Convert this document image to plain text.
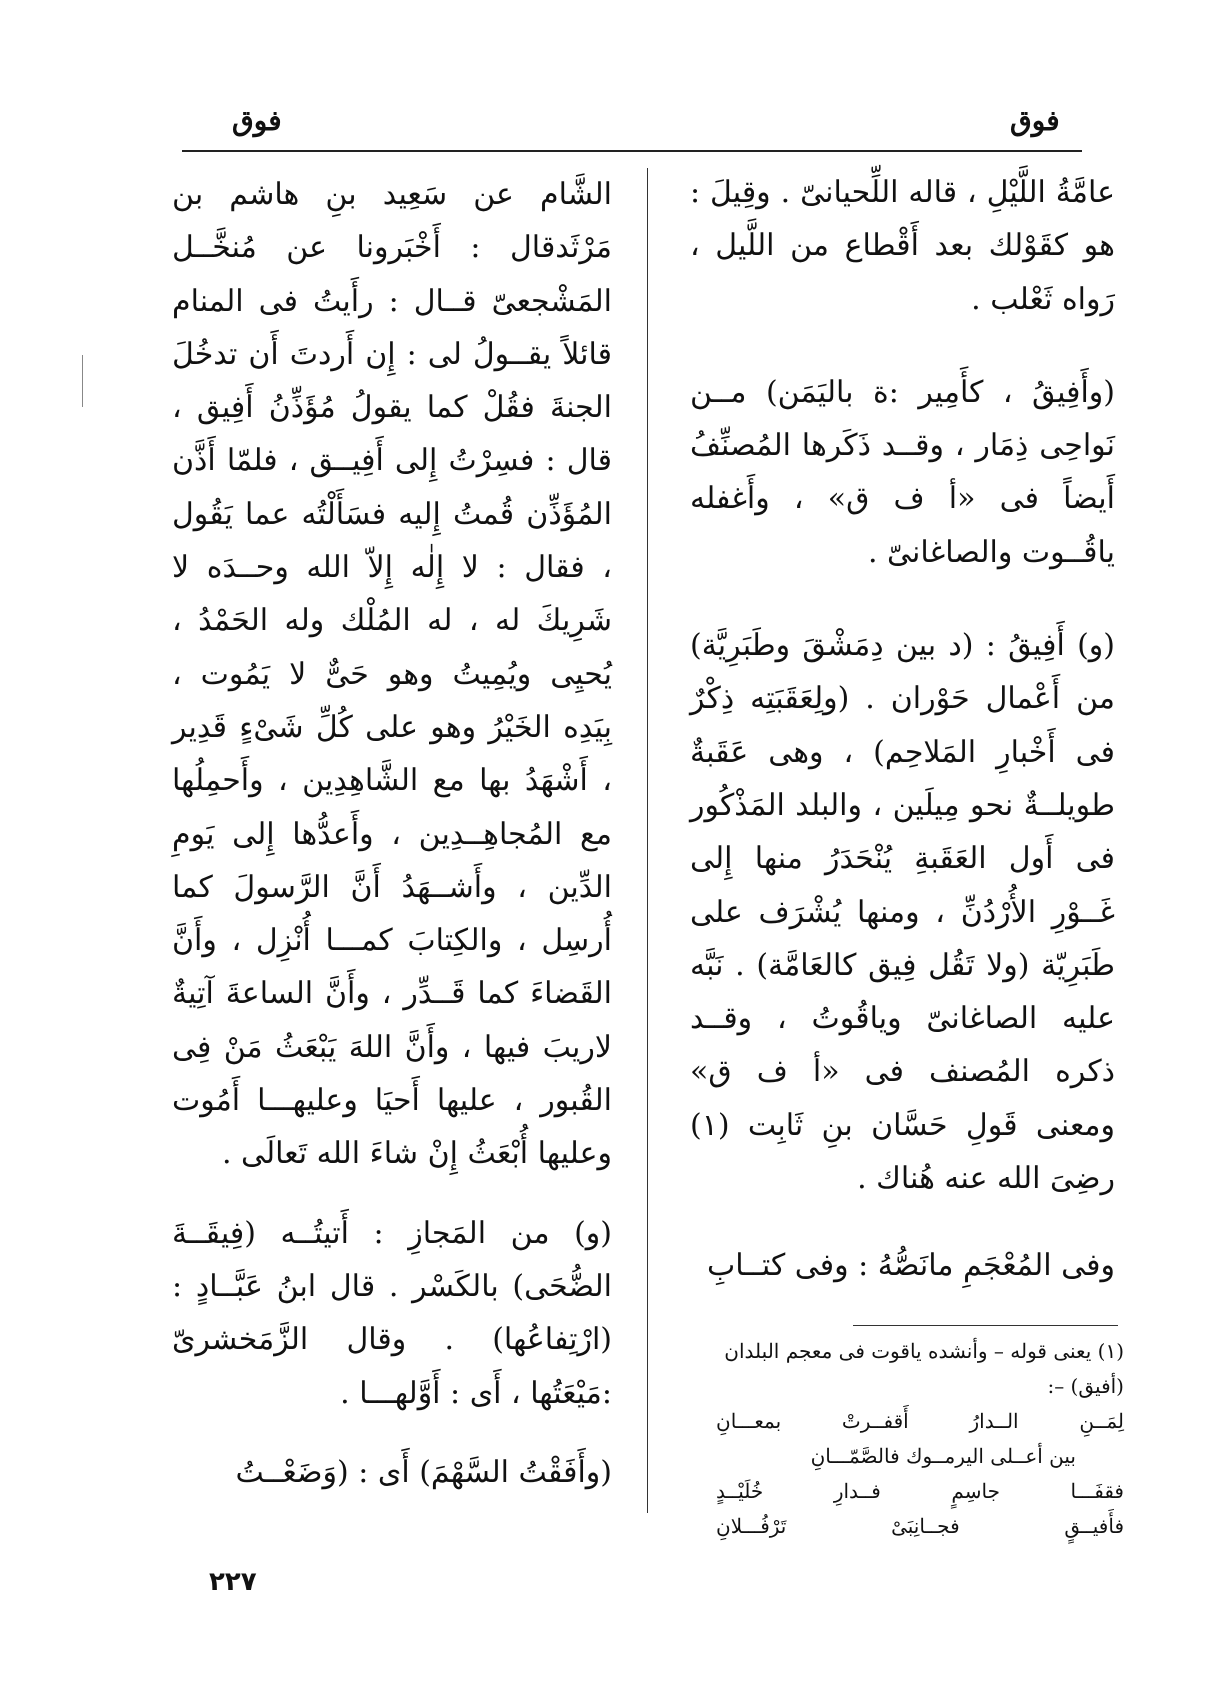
فوق	فوق

عامَّةُ اللَّيْلِ ، قاله اللِّحيانىّ . وقِيلَ : هو كقَوْلك بعد أَقْطاع من اللَّيل ، رَواه ثَعْلب .

(وأَفِيقُ ، كأَمِير :ة باليَمَن) مــن نَواحِى ذِمَار ، وقــد ذَكَرها المُصنِّفُ أَيضاً فى «أ ف ق» ، وأَغفله ياقُــوت والصاغانىّ .

(و) أَفِيقُ : (د بين دِمَشْقَ وطَبَرِيَّة) من أَعْمال حَوْران . (ولِعَقَبَتِه ذِكْرٌ فى أَخْبارِ المَلاحِم) ، وهى عَقَبةٌ طويلــةٌ نحو مِيلَين ، والبلد المَذْكُور فى أَول العَقَبةِ يُنْحَدَرُ منها إِلى غَــوْرِ الأُرْدُنِّ ، ومنها يُشْرَف على طَبَرِيّة (ولا تَقُل فِيق كالعَامَّة) . نَبَّه عليه الصاغانىّ وياقُوتُ ، وقــد ذكره المُصنف فى «أ ف ق» ومعنى قَولِ حَسَّان بنِ ثَابِت (١) رضِىَ الله عنه هُناك .

وفى المُعْجَمِ مانَصُّهُ : وفى كتــابِ

الشَّام عن سَعِيد بنِ هاشم بن مَرْثَدقال : أَخْبَرونا عن مُنخَّــل المَشْجعىّ قــال : رأَيتُ فى المنام قائلاً يقــولُ لى : إِن أَردتَ أَن تدخُلَ الجنةَ فقُلْ كما يقولُ مُؤَذِّنُ أَفِيق ، قال : فسِرْتُ إِلى أَفِيــق ، فلمّا أَذَّن المُؤَذِّن قُمتُ إِليه فسَأَلْتُه عما يَقُول ، فقال : لا إِلٰه إِلاّ الله وحــدَه لا شَرِيكَ له ، له المُلْك وله الحَمْدُ ، يُحيِى ويُمِيتُ وهو حَىٌّ لا يَمُوت ، بِيَدِه الخَيْرُ وهو على كُلِّ شَىْءٍ قَدِير ، أَشْهَدُ بها مع الشَّاهِدِين ، وأَحمِلُها مع المُجاهِــدِين ، وأَعدُّها إِلى يَومِ الدِّين ، وأَشــهَدُ أَنَّ الرَّسولَ كما أُرسِل ، والكِتابَ كمـــا أُنْزِل ، وأَنَّ القَضاءَ كما قَــدِّر ، وأَنَّ الساعةَ آتِيةٌ لاريبَ فيها ، وأَنَّ اللهَ يَبْعَثُ مَنْ فِى القُبور ، عليها أَحيَا وعليهـــا أَمُوت وعليها أُبْعَثُ إِنْ شاءَ الله تَعالَى .

(و) من المَجازِ : أَتيتُــه (فِيقَــةَ الضُّحَى) بالكَسْر . قال ابنُ عَبَّــادٍ : (ارْتِفاعُها) . وقال الزَّمَخشرىّ :مَيْعَتُها ، أَى : أَوَّلهـــا .

(وأَفَقْتُ السَّهْمَ) أَى : (وَضَعْــتُ

(١) يعنى قوله – وأنشده ياقوت فى معجم البلدان (أفيق) –:

لِمَــنِ الــدارُ أَقفــرتْ بمعـــانِ

بين أعــلى اليرمــوك فالصَّمّـــانِ

فقفَـــا جاسِمٍ فــدارِ خُلَيْــدٍ

فأَفيــقٍ فجــانِبَىْ تَرْفُـــلانِ

٢٢٧
